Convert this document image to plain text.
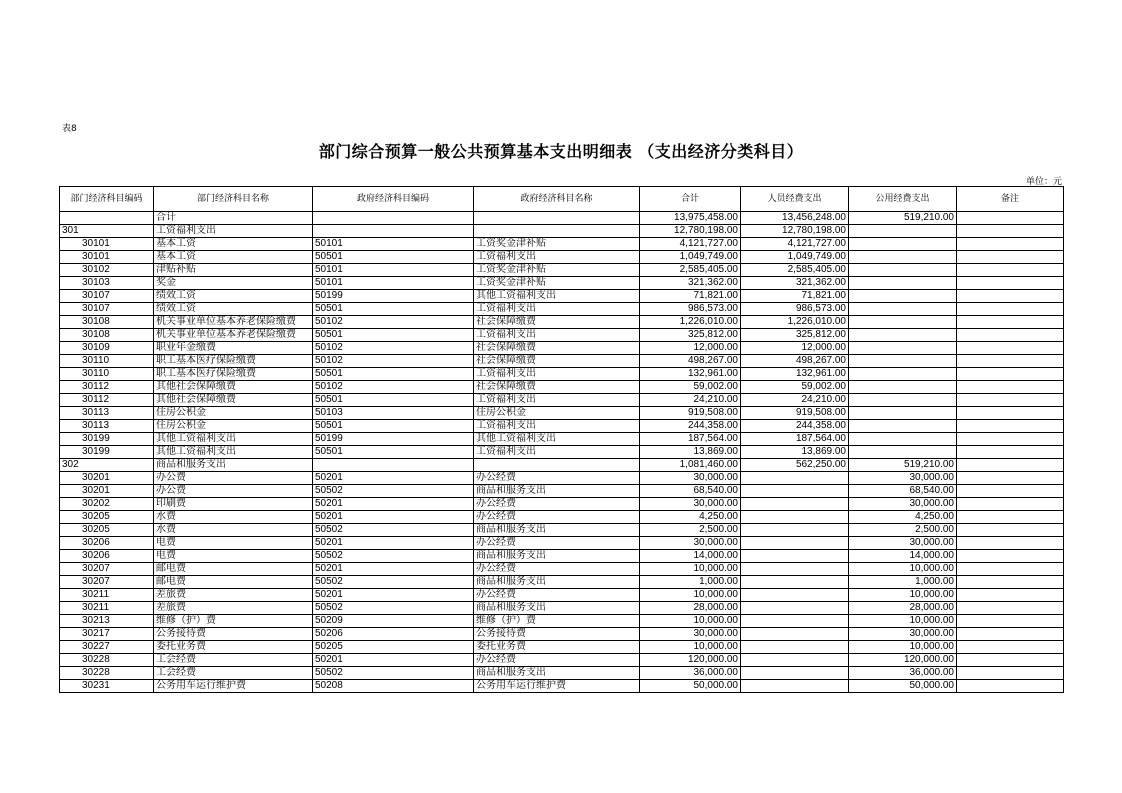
表8
部门综合预算一般公共预算基本支出明细表 （支出经济分类科目）
单位：元
部门经济科目编码	部门经济科目名称	政府经济科目编码	政府经济科目名称	合计	人员经费支出	公用经费支出	备注
	合计			13,975,458.00	13,456,248.00	519,210.00	
301	工资福利支出			12,780,198.00	12,780,198.00		
30101	基本工资	50101	工资奖金津补贴	4,121,727.00	4,121,727.00		
30101	基本工资	50501	工资福利支出	1,049,749.00	1,049,749.00		
30102	津贴补贴	50101	工资奖金津补贴	2,585,405.00	2,585,405.00		
30103	奖金	50101	工资奖金津补贴	321,362.00	321,362.00		
30107	绩效工资	50199	其他工资福利支出	71,821.00	71,821.00		
30107	绩效工资	50501	工资福利支出	986,573.00	986,573.00		
30108	机关事业单位基本养老保险缴费	50102	社会保障缴费	1,226,010.00	1,226,010.00		
30108	机关事业单位基本养老保险缴费	50501	工资福利支出	325,812.00	325,812.00		
30109	职业年金缴费	50102	社会保障缴费	12,000.00	12,000.00		
30110	职工基本医疗保险缴费	50102	社会保障缴费	498,267.00	498,267.00		
30110	职工基本医疗保险缴费	50501	工资福利支出	132,961.00	132,961.00		
30112	其他社会保障缴费	50102	社会保障缴费	59,002.00	59,002.00		
30112	其他社会保障缴费	50501	工资福利支出	24,210.00	24,210.00		
30113	住房公积金	50103	住房公积金	919,508.00	919,508.00		
30113	住房公积金	50501	工资福利支出	244,358.00	244,358.00		
30199	其他工资福利支出	50199	其他工资福利支出	187,564.00	187,564.00		
30199	其他工资福利支出	50501	工资福利支出	13,869.00	13,869.00		
302	商品和服务支出			1,081,460.00	562,250.00	519,210.00	
30201	办公费	50201	办公经费	30,000.00		30,000.00	
30201	办公费	50502	商品和服务支出	68,540.00		68,540.00	
30202	印刷费	50201	办公经费	30,000.00		30,000.00	
30205	水费	50201	办公经费	4,250.00		4,250.00	
30205	水费	50502	商品和服务支出	2,500.00		2,500.00	
30206	电费	50201	办公经费	30,000.00		30,000.00	
30206	电费	50502	商品和服务支出	14,000.00		14,000.00	
30207	邮电费	50201	办公经费	10,000.00		10,000.00	
30207	邮电费	50502	商品和服务支出	1,000.00		1,000.00	
30211	差旅费	50201	办公经费	10,000.00		10,000.00	
30211	差旅费	50502	商品和服务支出	28,000.00		28,000.00	
30213	维修（护）费	50209	维修（护）费	10,000.00		10,000.00	
30217	公务接待费	50206	公务接待费	30,000.00		30,000.00	
30227	委托业务费	50205	委托业务费	10,000.00		10,000.00	
30228	工会经费	50201	办公经费	120,000.00		120,000.00	
30228	工会经费	50502	商品和服务支出	36,000.00		36,000.00	
30231	公务用车运行维护费	50208	公务用车运行维护费	50,000.00		50,000.00	
